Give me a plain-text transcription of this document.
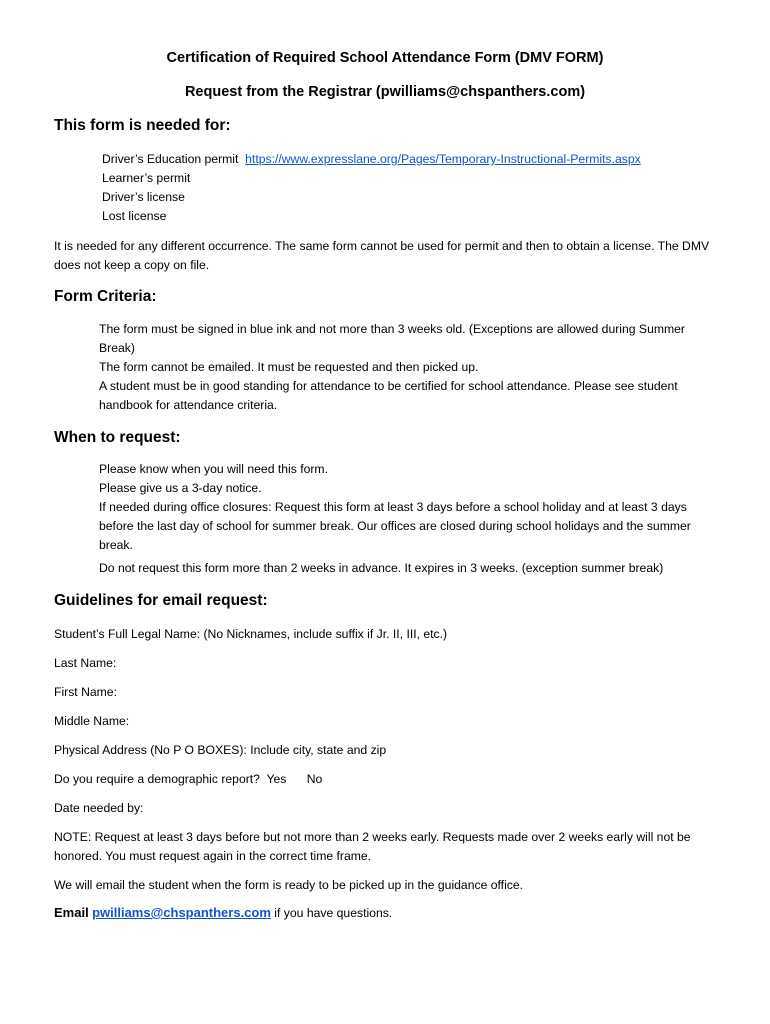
Certification of Required School Attendance Form (DMV FORM)
Request from the Registrar (pwilliams@chspanthers.com)
This form is needed for:
Driver’s Education permit https://www.expresslane.org/Pages/Temporary-Instructional-Permits.aspx
Learner’s permit
Driver’s license
Lost license
It is needed for any different occurrence. The same form cannot be used for permit and then to obtain a license. The DMV does not keep a copy on file.
Form Criteria:
The form must be signed in blue ink and not more than 3 weeks old. (Exceptions are allowed during Summer Break)
The form cannot be emailed. It must be requested and then picked up.
A student must be in good standing for attendance to be certified for school attendance. Please see student handbook for attendance criteria.
When to request:
Please know when you will need this form.
Please give us a 3-day notice.
If needed during office closures: Request this form at least 3 days before a school holiday and at least 3 days before the last day of school for summer break. Our offices are closed during school holidays and the summer break.
Do not request this form more than 2 weeks in advance. It expires in 3 weeks. (exception summer break)
Guidelines for email request:
Student’s Full Legal Name: (No Nicknames, include suffix if Jr. II, III, etc.)
Last Name:
First Name:
Middle Name:
Physical Address (No P O BOXES): Include city, state and zip
Do you require a demographic report?  Yes      No
Date needed by:
NOTE: Request at least 3 days before but not more than 2 weeks early. Requests made over 2 weeks early will not be honored. You must request again in the correct time frame.
We will email the student when the form is ready to be picked up in the guidance office.
Email pwilliams@chspanthers.com if you have questions.
